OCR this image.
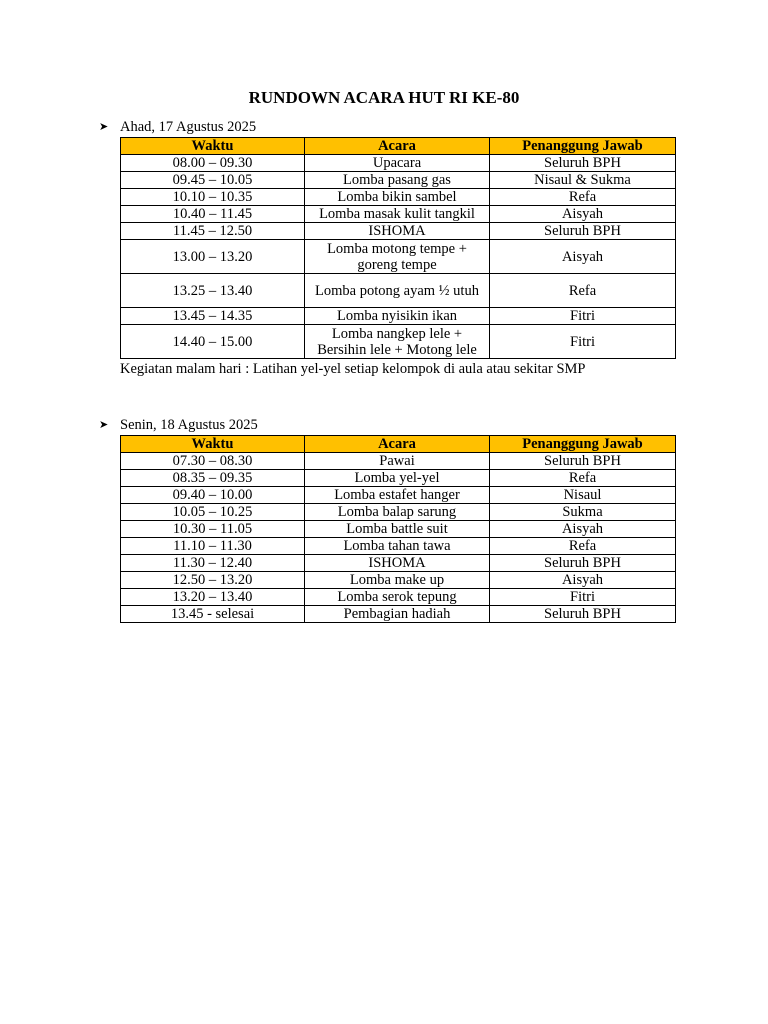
RUNDOWN ACARA HUT RI KE-80
➤ Ahad, 17 Agustus 2025
Waktu	Acara	Penanggung Jawab
08.00 – 09.30	Upacara	Seluruh BPH
09.45 – 10.05	Lomba pasang gas	Nisaul & Sukma
10.10 – 10.35	Lomba bikin sambel	Refa
10.40 – 11.45	Lomba masak kulit tangkil	Aisyah
11.45 – 12.50	ISHOMA	Seluruh BPH
13.00 – 13.20	Lomba motong tempe + goreng tempe	Aisyah
13.25 – 13.40	Lomba potong ayam ½ utuh	Refa
13.45 – 14.35	Lomba nyisikin ikan	Fitri
14.40 – 15.00	Lomba nangkep lele + Bersihin lele + Motong lele	Fitri
Kegiatan malam hari : Latihan yel-yel setiap kelompok di aula atau sekitar SMP
➤ Senin, 18 Agustus 2025
Waktu	Acara	Penanggung Jawab
07.30 – 08.30	Pawai	Seluruh BPH
08.35 – 09.35	Lomba yel-yel	Refa
09.40 – 10.00	Lomba estafet hanger	Nisaul
10.05 – 10.25	Lomba balap sarung	Sukma
10.30 – 11.05	Lomba battle suit	Aisyah
11.10 – 11.30	Lomba tahan tawa	Refa
11.30 – 12.40	ISHOMA	Seluruh BPH
12.50 – 13.20	Lomba make up	Aisyah
13.20 – 13.40	Lomba serok tepung	Fitri
13.45 - selesai	Pembagian hadiah	Seluruh BPH
